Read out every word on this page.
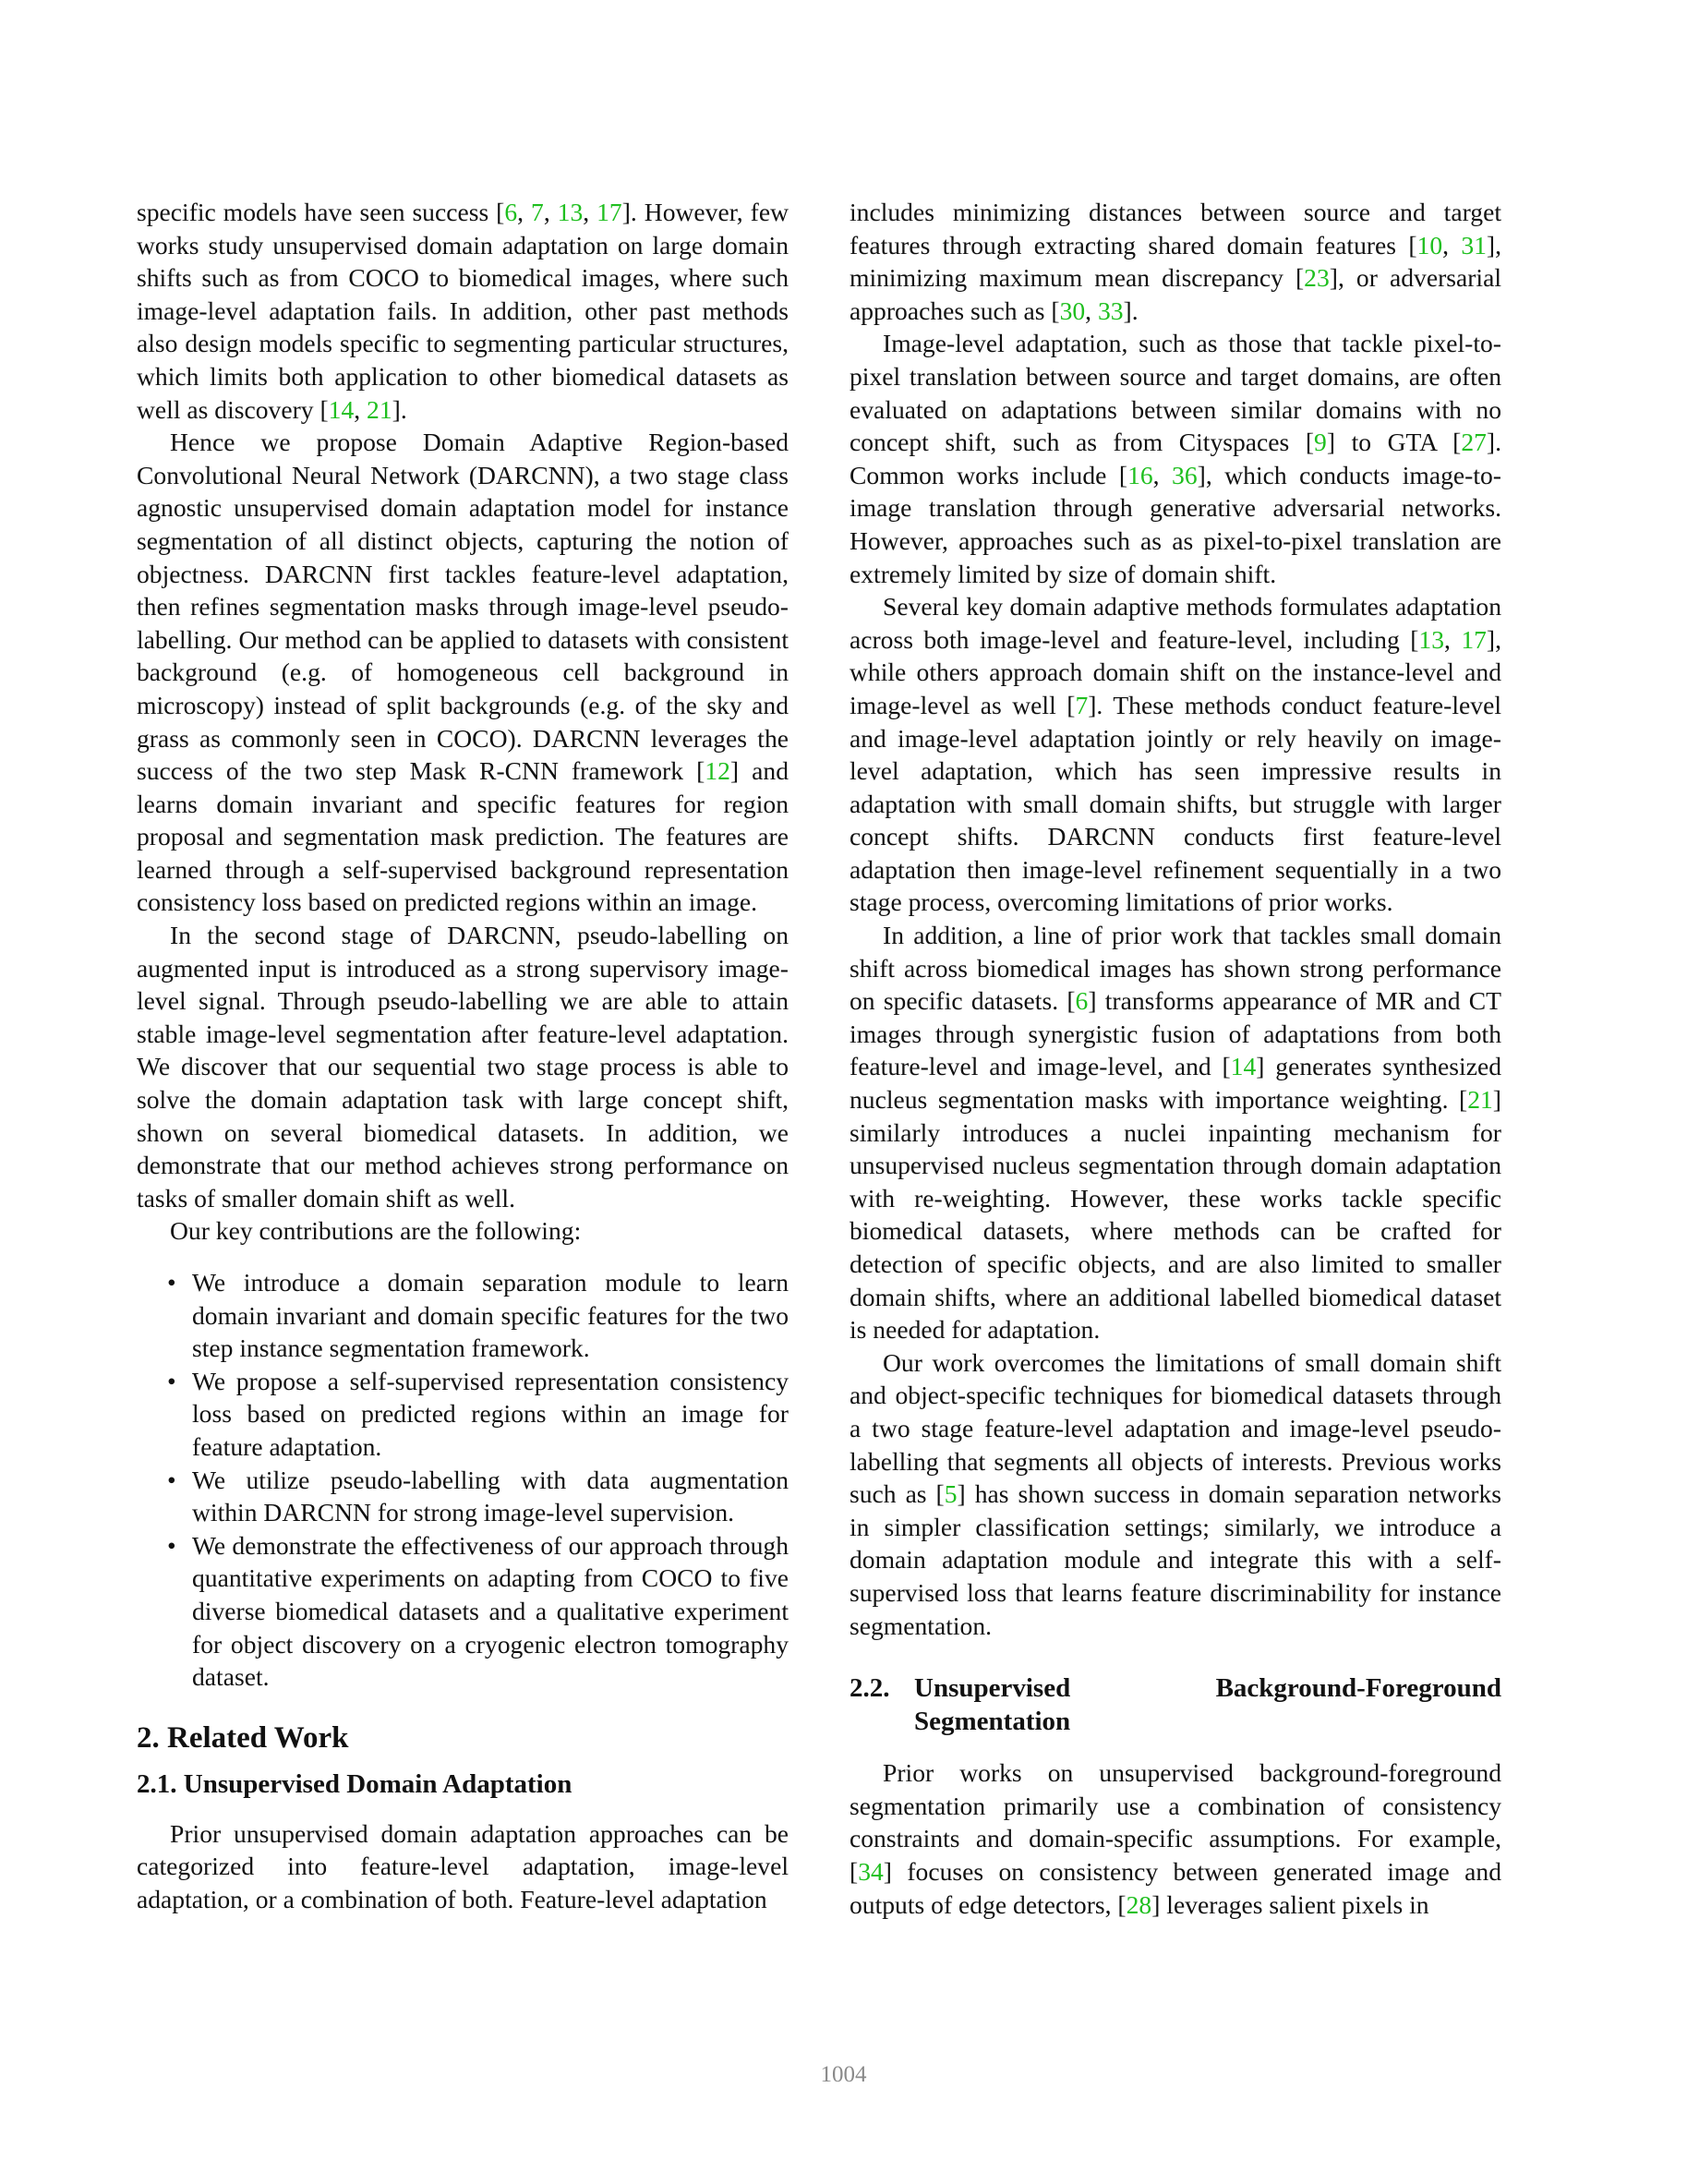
specific models have seen success [6, 7, 13, 17]. However, few works study unsupervised domain adaptation on large domain shifts such as from COCO to biomedical images, where such image-level adaptation fails. In addition, other past methods also design models specific to segmenting particular structures, which limits both application to other biomedical datasets as well as discovery [14, 21].

Hence we propose Domain Adaptive Region-based Convolutional Neural Network (DARCNN), a two stage class agnostic unsupervised domain adaptation model for instance segmentation of all distinct objects, capturing the notion of objectness. DARCNN first tackles feature-level adaptation, then refines segmentation masks through image-level pseudo-labelling. Our method can be applied to datasets with consistent background (e.g. of homogeneous cell background in microscopy) instead of split backgrounds (e.g. of the sky and grass as commonly seen in COCO). DARCNN leverages the success of the two step Mask R-CNN framework [12] and learns domain invariant and specific features for region proposal and segmentation mask prediction. The features are learned through a self-supervised background representation consistency loss based on predicted regions within an image.

In the second stage of DARCNN, pseudo-labelling on augmented input is introduced as a strong supervisory image-level signal. Through pseudo-labelling we are able to attain stable image-level segmentation after feature-level adaptation. We discover that our sequential two stage process is able to solve the domain adaptation task with large concept shift, shown on several biomedical datasets. In addition, we demonstrate that our method achieves strong performance on tasks of smaller domain shift as well.

Our key contributions are the following:

• We introduce a domain separation module to learn domain invariant and domain specific features for the two step instance segmentation framework.
• We propose a self-supervised representation consistency loss based on predicted regions within an image for feature adaptation.
• We utilize pseudo-labelling with data augmentation within DARCNN for strong image-level supervision.
• We demonstrate the effectiveness of our approach through quantitative experiments on adapting from COCO to five diverse biomedical datasets and a qualitative experiment for object discovery on a cryogenic electron tomography dataset.
2. Related Work
2.1. Unsupervised Domain Adaptation

Prior unsupervised domain adaptation approaches can be categorized into feature-level adaptation, image-level adaptation, or a combination of both. Feature-level adaptation

includes minimizing distances between source and target features through extracting shared domain features [10, 31], minimizing maximum mean discrepancy [23], or adversarial approaches such as [30, 33].

Image-level adaptation, such as those that tackle pixel-to-pixel translation between source and target domains, are often evaluated on adaptations between similar domains with no concept shift, such as from Cityspaces [9] to GTA [27]. Common works include [16, 36], which conducts image-to-image translation through generative adversarial networks. However, approaches such as as pixel-to-pixel translation are extremely limited by size of domain shift.

Several key domain adaptive methods formulates adaptation across both image-level and feature-level, including [13, 17], while others approach domain shift on the instance-level and image-level as well [7]. These methods conduct feature-level and image-level adaptation jointly or rely heavily on image-level adaptation, which has seen impressive results in adaptation with small domain shifts, but struggle with larger concept shifts. DARCNN conducts first feature-level adaptation then image-level refinement sequentially in a two stage process, overcoming limitations of prior works.

In addition, a line of prior work that tackles small domain shift across biomedical images has shown strong performance on specific datasets. [6] transforms appearance of MR and CT images through synergistic fusion of adaptations from both feature-level and image-level, and [14] generates synthesized nucleus segmentation masks with importance weighting. [21] similarly introduces a nuclei inpainting mechanism for unsupervised nucleus segmentation through domain adaptation with re-weighting. However, these works tackle specific biomedical datasets, where methods can be crafted for detection of specific objects, and are also limited to smaller domain shifts, where an additional labelled biomedical dataset is needed for adaptation.

Our work overcomes the limitations of small domain shift and object-specific techniques for biomedical datasets through a two stage feature-level adaptation and image-level pseudo-labelling that segments all objects of interests. Previous works such as [5] has shown success in domain separation networks in simpler classification settings; similarly, we introduce a domain adaptation module and integrate this with a self-supervised loss that learns feature discriminability for instance segmentation.

2.2. Unsupervised Background-Foreground Segmentation

Prior works on unsupervised background-foreground segmentation primarily use a combination of consistency constraints and domain-specific assumptions. For example, [34] focuses on consistency between generated image and outputs of edge detectors, [28] leverages salient pixels in

1004
